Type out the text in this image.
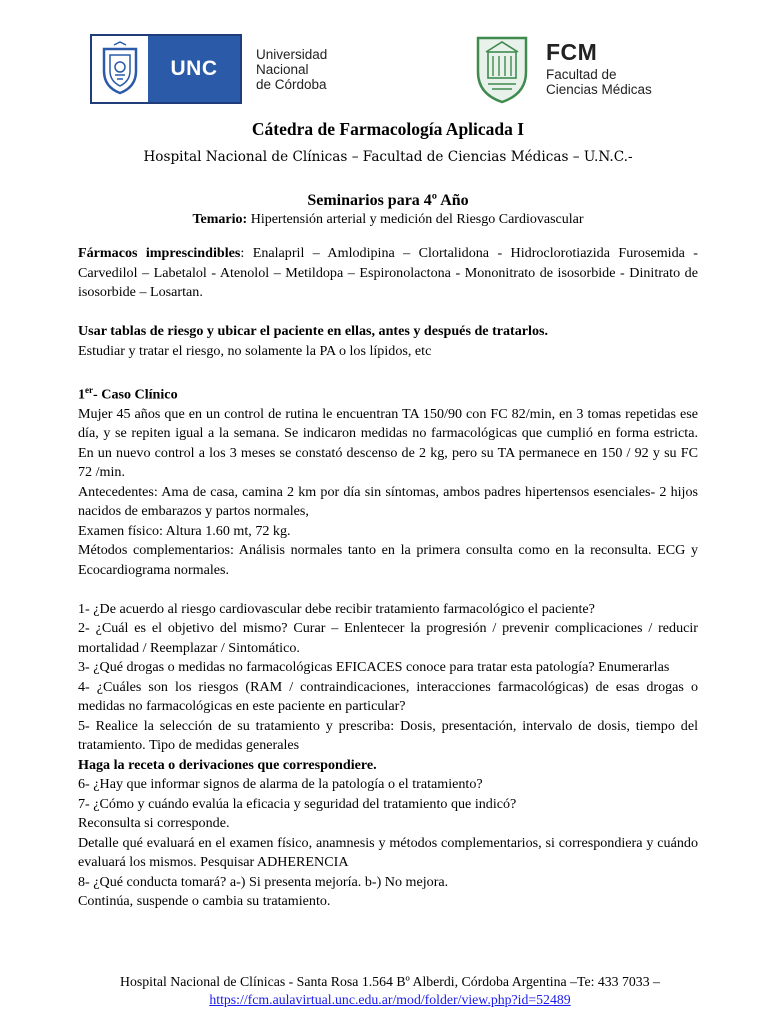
UNC
Universidad
Nacional
de Córdoba
FCM
Facultad de
Ciencias Médicas
Cátedra de Farmacología Aplicada I
Hospital Nacional de Clínicas – Facultad de Ciencias Médicas – U.N.C.-
Seminarios para 4º Año
Temario: Hipertensión arterial y medición del Riesgo Cardiovascular

Fármacos imprescindibles: Enalapril – Amlodipina – Clortalidona - Hidroclorotiazida Furosemida - Carvedilol – Labetalol - Atenolol – Metildopa – Espironolactona - Mononitrato de isosorbide - Dinitrato de isosorbide – Losartan.

Usar tablas de riesgo y ubicar el paciente en ellas, antes y después de tratarlos.

Estudiar y tratar el riesgo, no solamente la PA o los lípidos, etc

1er- Caso Clínico

Mujer 45 años que en un control de rutina le encuentran TA 150/90 con FC 82/min, en 3 tomas repetidas ese día, y se repiten igual a la semana. Se indicaron medidas no farmacológicas que cumplió en forma estricta. En un nuevo control a los 3 meses se constató descenso de 2 kg, pero su TA permanece en 150 / 92 y su FC 72 /min.

Antecedentes: Ama de casa, camina 2 km por día sin síntomas, ambos padres hipertensos esenciales- 2 hijos nacidos de embarazos y partos normales,

Examen físico: Altura 1.60 mt, 72 kg.

Métodos complementarios: Análisis normales tanto en la primera consulta como en la reconsulta. ECG y Ecocardiograma normales.

1- ¿De acuerdo al riesgo cardiovascular debe recibir tratamiento farmacológico el paciente?

2- ¿Cuál es el objetivo del mismo? Curar – Enlentecer la progresión / prevenir complicaciones / reducir mortalidad / Reemplazar / Sintomático.

3- ¿Qué drogas o medidas no farmacológicas EFICACES conoce para tratar esta patología? Enumerarlas

4- ¿Cuáles son los riesgos (RAM / contraindicaciones, interacciones farmacológicas) de esas drogas o medidas no farmacológicas en este paciente en particular?

5- Realice la selección de su tratamiento y prescriba: Dosis, presentación, intervalo de dosis, tiempo del tratamiento. Tipo de medidas generales

Haga la receta o derivaciones que correspondiere.

6- ¿Hay que informar signos de alarma de la patología o el tratamiento?

7- ¿Cómo y cuándo evalúa la eficacia y seguridad del tratamiento que indicó?

Reconsulta si corresponde.

Detalle qué evaluará en el examen físico, anamnesis y métodos complementarios, si correspondiera y cuándo evaluará los mismos. Pesquisar ADHERENCIA

8- ¿Qué conducta tomará? a-) Si presenta mejoría. b-) No mejora.

Continúa, suspende o cambia su tratamiento.

Hospital Nacional de Clínicas - Santa Rosa 1.564 Bº Alberdi, Córdoba Argentina –Te: 433 7033 –
https://fcm.aulavirtual.unc.edu.ar/mod/folder/view.php?id=52489
